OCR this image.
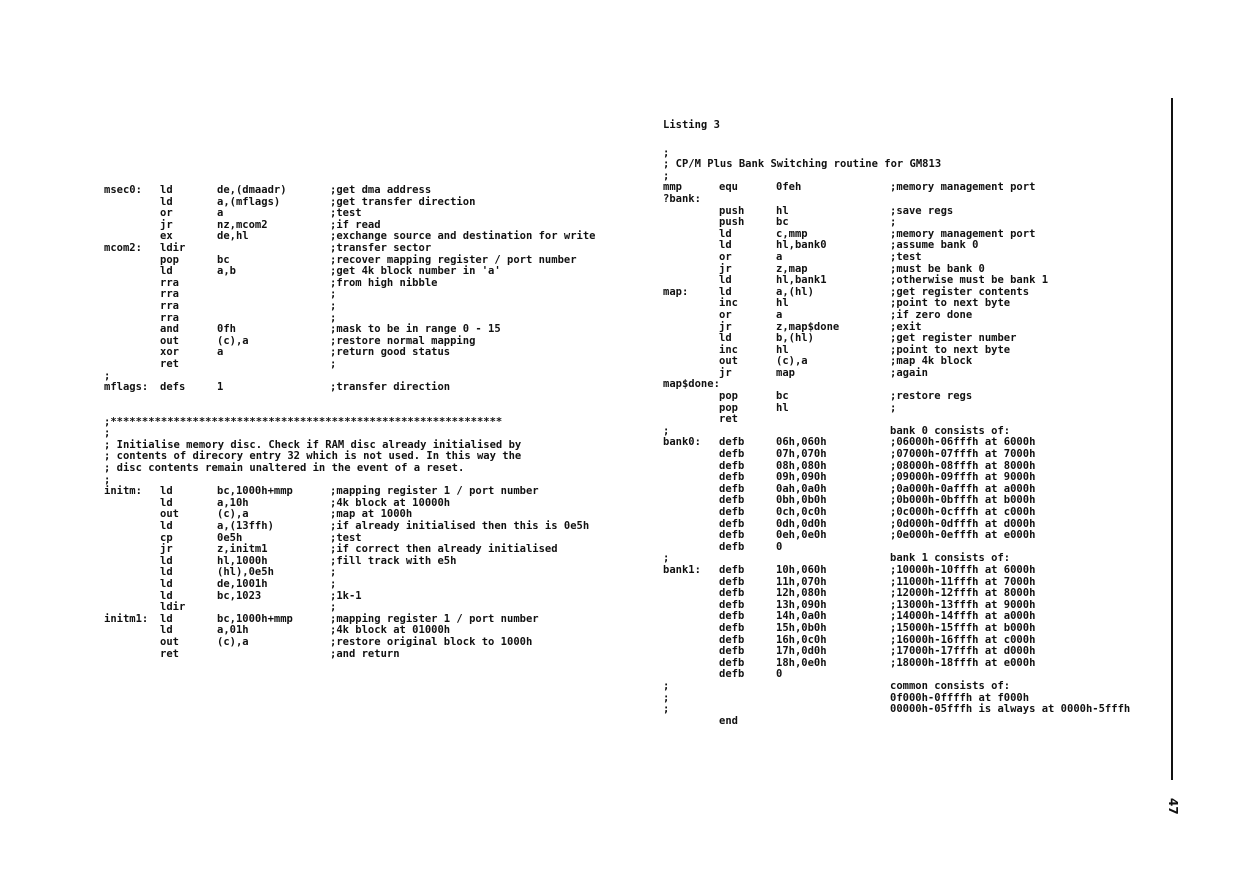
msec0: ld	de,(dmaadr)	;get dma address
ld	a,(mflags)	;get transfer direction
or	a	;test
jr	nz,mcom2	;if read
ex	de,hl	;exchange source and destination for write
mcom2: ldir	;transfer sector
pop	bc	;recover mapping register / port number
ld	a,b	;get 4k block number in 'a'
rra	;from high nibble
rra	;
rra	;
rra	;
and	0fh	;mask to be in range 0 - 15
out	(c),a	;restore normal mapping
xor	a	;return good status
ret	;
;
mflags: defs	1	;transfer direction
;**************************************************************
;
; Initialise memory disc. Check if RAM disc already initialised by
; contents of direcory entry 32 which is not used. In this way the
; disc contents remain unaltered in the event of a reset.
;
initm: ld	bc,1000h+mmp	;mapping register 1 / port number
ld	a,10h	;4k block at 10000h
out	(c),a	;map at 1000h
ld	a,(13ffh)	;if already initialised then this is 0e5h
cp	0e5h	;test
jr	z,initm1	;if correct then already initialised
ld	hl,1000h	;fill track with e5h
ld	(hl),0e5h	;
ld	de,1001h	;
ld	bc,1023	;1k-1
ldir	;
initm1: ld	bc,1000h+mmp	;mapping register 1 / port number
ld	a,01h	;4k block at 01000h
out	(c),a	;restore original block to 1000h
ret	;and return
Listing 3
;
; CP/M Plus Bank Switching routine for GM813
;
mmp	equ	0feh	;memory management port
?bank:
push	hl	;save regs
push	bc	;
ld	c,mmp	;memory management port
ld	hl,bank0	;assume bank 0
or	a	;test
jr	z,map	;must be bank 0
ld	hl,bank1	;otherwise must be bank 1
map:	ld	a,(hl)	;get register contents
inc	hl	;point to next byte
or	a	;if zero done
jr	z,map$done	;exit
ld	b,(hl)	;get register number
inc	hl	;point to next byte
out	(c),a	;map 4k block
jr	map	;again
map$done:
pop	bc	;restore regs
pop	hl	;
ret
;	bank 0 consists of:
bank0: defb	06h,060h	;06000h-06fffh at 6000h
defb	07h,070h	;07000h-07fffh at 7000h
defb	08h,080h	;08000h-08fffh at 8000h
defb	09h,090h	;09000h-09fffh at 9000h
defb	0ah,0a0h	;0a000h-0afffh at a000h
defb	0bh,0b0h	;0b000h-0bfffh at b000h
defb	0ch,0c0h	;0c000h-0cfffh at c000h
defb	0dh,0d0h	;0d000h-0dfffh at d000h
defb	0eh,0e0h	;0e000h-0efffh at e000h
defb	0
;	bank 1 consists of:
bank1: defb	10h,060h	;10000h-10fffh at 6000h
defb	11h,070h	;11000h-11fffh at 7000h
defb	12h,080h	;12000h-12fffh at 8000h
defb	13h,090h	;13000h-13fffh at 9000h
defb	14h,0a0h	;14000h-14fffh at a000h
defb	15h,0b0h	;15000h-15fffh at b000h
defb	16h,0c0h	;16000h-16fffh at c000h
defb	17h,0d0h	;17000h-17fffh at d000h
defb	18h,0e0h	;18000h-18fffh at e000h
defb	0
;	common consists of:
;	0f000h-0ffffh at f000h
;	00000h-05fffh is always at 0000h-5fffh
end
47
